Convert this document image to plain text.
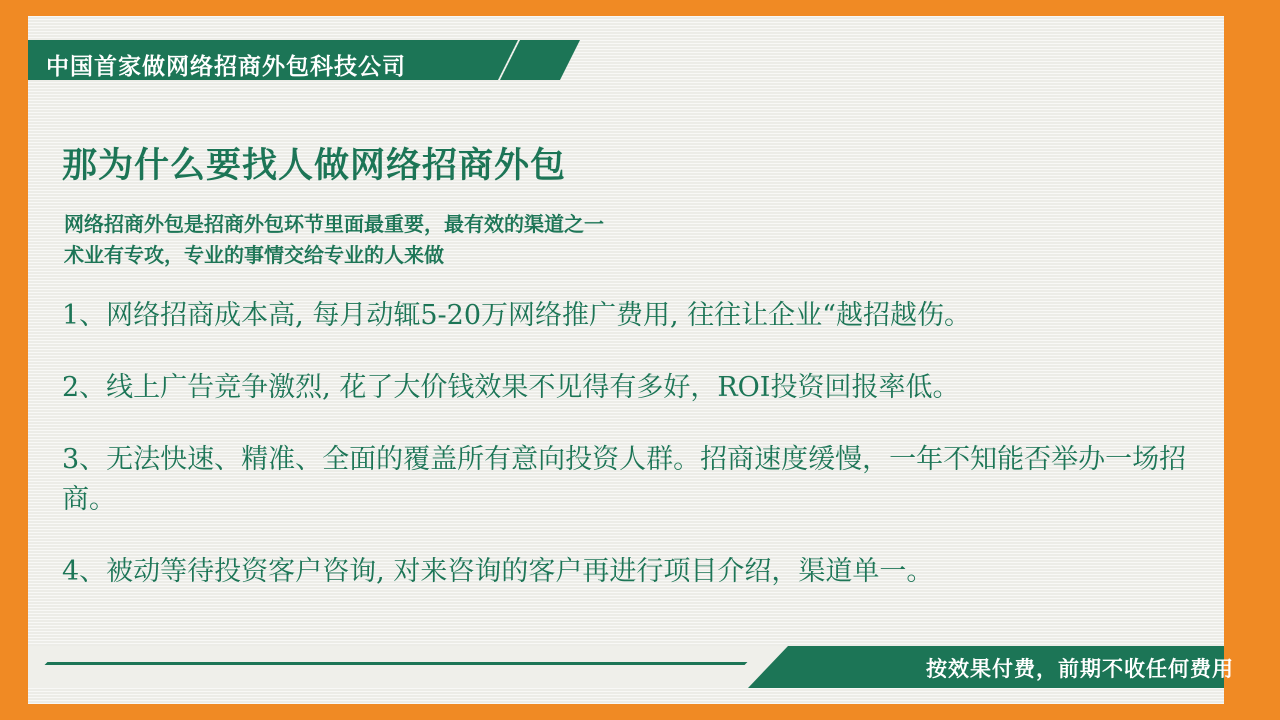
中国首家做网络招商外包科技公司
那为什么要找人做网络招商外包
网络招商外包是招商外包环节里面最重要，最有效的渠道之一
术业有专攻，专业的事情交给专业的人来做
1、网络招商成本高, 每月动辄5-20万网络推广费用, 往往让企业“越招越伤。
2、线上广告竞争激烈, 花了大价钱效果不见得有多好，ROI投资回报率低。
3、无法快速、精准、全面的覆盖所有意向投资人群。招商速度缓慢，一年不知能否举办一场招商。
4、被动等待投资客户咨询, 对来咨询的客户再进行项目介绍，渠道单一。
按效果付费，前期不收任何费用
